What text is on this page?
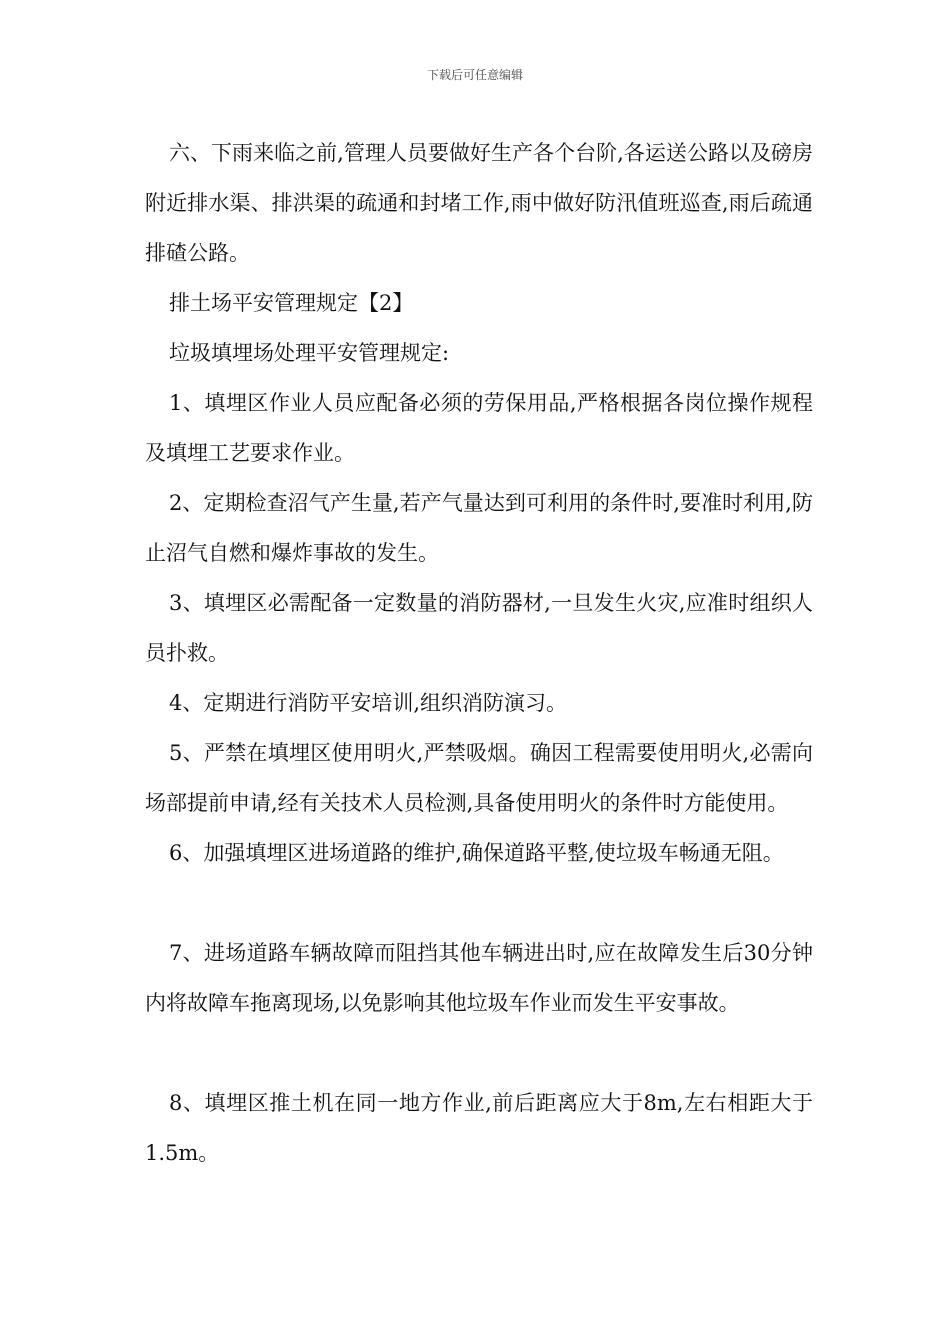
下载后可任意编辑

六、下雨来临之前,管理人员要做好生产各个台阶,各运送公路以及磅房附近排水渠、排洪渠的疏通和封堵工作,雨中做好防汛值班巡查,雨后疏通排碴公路。

排土场平安管理规定【2】

垃圾填埋场处理平安管理规定:

1、填埋区作业人员应配备必须的劳保用品,严格根据各岗位操作规程及填埋工艺要求作业。

2、定期检查沼气产生量,若产气量达到可利用的条件时,要准时利用,防止沼气自燃和爆炸事故的发生。

3、填埋区必需配备一定数量的消防器材,一旦发生火灾,应准时组织人员扑救。

4、定期进行消防平安培训,组织消防演习。

5、严禁在填埋区使用明火,严禁吸烟。确因工程需要使用明火,必需向场部提前申请,经有关技术人员检测,具备使用明火的条件时方能使用。

6、加强填埋区进场道路的维护,确保道路平整,使垃圾车畅通无阻。

7、进场道路车辆故障而阻挡其他车辆进出时,应在故障发生后30分钟内将故障车拖离现场,以免影响其他垃圾车作业而发生平安事故。

8、填埋区推土机在同一地方作业,前后距离应大于8m,左右相距大于1.5m。
